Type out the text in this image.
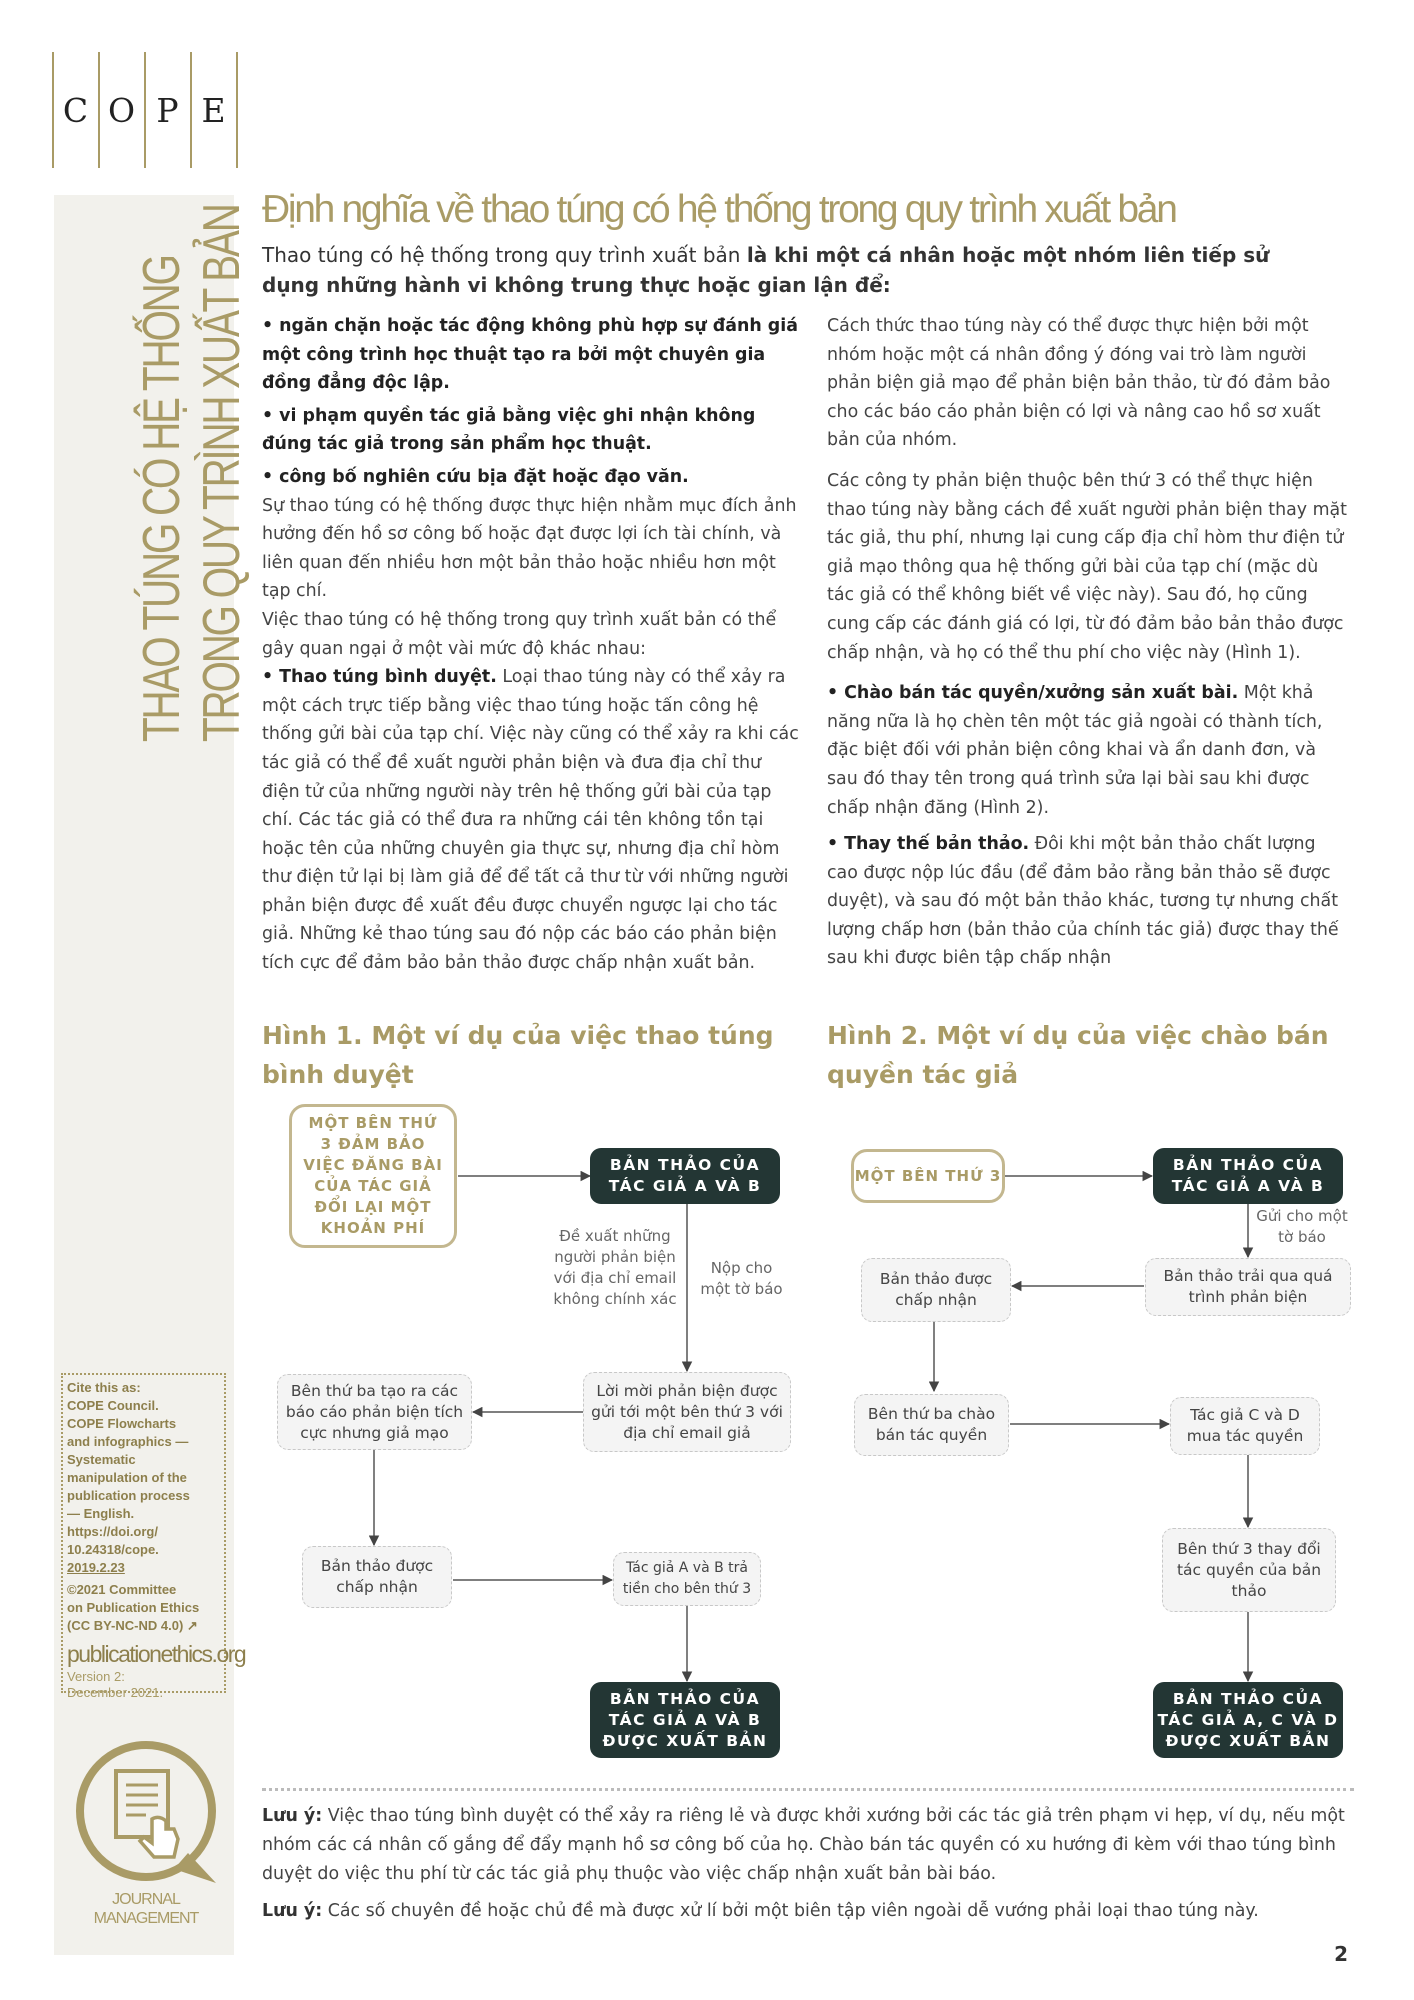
C O P E
THAO TÚNG CÓ HỆ THỐNG TRONG QUY TRÌNH XUẤT BẢN
Cite this as:
COPE Council.
COPE Flowcharts
and infographics —
Systematic
manipulation of the
publication process
— English.
https://doi.org/
10.24318/cope.
2019.2.23
©2021 Committee
on Publication Ethics
(CC BY-NC-ND 4.0) ↗
publicationethics.org
Version 2:
December 2021.
JOURNAL
MANAGEMENT
Định nghĩa về thao túng có hệ thống trong quy trình xuất bản
Thao túng có hệ thống trong quy trình xuất bản là khi một cá nhân hoặc một nhóm liên tiếp sử dụng những hành vi không trung thực hoặc gian lận để:

• ngăn chặn hoặc tác động không phù hợp sự đánh giá một công trình học thuật tạo ra bởi một chuyên gia đồng đẳng độc lập.

• vi phạm quyền tác giả bằng việc ghi nhận không đúng tác giả trong sản phẩm học thuật.

• công bố nghiên cứu bịa đặt hoặc đạo văn.

Sự thao túng có hệ thống được thực hiện nhằm mục đích ảnh hưởng đến hồ sơ công bố hoặc đạt được lợi ích tài chính, và liên quan đến nhiều hơn một bản thảo hoặc nhiều hơn một tạp chí.

Việc thao túng có hệ thống trong quy trình xuất bản có thể gây quan ngại ở một vài mức độ khác nhau:

• Thao túng bình duyệt. Loại thao túng này có thể xảy ra một cách trực tiếp bằng việc thao túng hoặc tấn công hệ thống gửi bài của tạp chí. Việc này cũng có thể xảy ra khi các tác giả có thể đề xuất người phản biện và đưa địa chỉ thư điện tử của những người này trên hệ thống gửi bài của tạp chí. Các tác giả có thể đưa ra những cái tên không tồn tại hoặc tên của những chuyên gia thực sự, nhưng địa chỉ hòm thư điện tử lại bị làm giả để để tất cả thư từ với những người phản biện được đề xuất đều được chuyển ngược lại cho tác giả. Những kẻ thao túng sau đó nộp các báo cáo phản biện tích cực để đảm bảo bản thảo được chấp nhận xuất bản.

Cách thức thao túng này có thể được thực hiện bởi một nhóm hoặc một cá nhân đồng ý đóng vai trò làm người phản biện giả mạo để phản biện bản thảo, từ đó đảm bảo cho các báo cáo phản biện có lợi và nâng cao hồ sơ xuất bản của nhóm.

Các công ty phản biện thuộc bên thứ 3 có thể thực hiện thao túng này bằng cách đề xuất người phản biện thay mặt tác giả, thu phí, nhưng lại cung cấp địa chỉ hòm thư điện tử giả mạo thông qua hệ thống gửi bài của tạp chí (mặc dù tác giả có thể không biết về việc này). Sau đó, họ cũng cung cấp các đánh giá có lợi, từ đó đảm bảo bản thảo được chấp nhận, và họ có thể thu phí cho việc này (Hình 1).

• Chào bán tác quyền/xưởng sản xuất bài. Một khả năng nữa là họ chèn tên một tác giả ngoài có thành tích, đặc biệt đối với phản biện công khai và ẩn danh đơn, và sau đó thay tên trong quá trình sửa lại bài sau khi được chấp nhận đăng (Hình 2).

• Thay thế bản thảo. Đôi khi một bản thảo chất lượng cao được nộp lúc đầu (để đảm bảo rằng bản thảo sẽ được duyệt), và sau đó một bản thảo khác, tương tự nhưng chất lượng chấp hơn (bản thảo của chính tác giả) được thay thế sau khi được biên tập chấp nhận

Hình 1. Một ví dụ của việc thao túng bình duyệt
Hình 2. Một ví dụ của việc chào bán quyền tác giả
MỘT BÊN THỨ 3 ĐẢM BẢO VIỆC ĐĂNG BÀI CỦA TÁC GIẢ ĐỔI LẠI MỘT KHOẢN PHÍ
BẢN THẢO CỦA TÁC GIẢ A VÀ B
Đề xuất những người phản biện với địa chỉ email không chính xác
Nộp cho một tờ báo
Lời mời phản biện được gửi tới một bên thứ 3 với địa chỉ email giả
Bên thứ ba tạo ra các báo cáo phản biện tích cực nhưng giả mạo
Bản thảo được chấp nhận
Tác giả A và B trả tiền cho bên thứ 3
BẢN THẢO CỦA TÁC GIẢ A VÀ B ĐƯỢC XUẤT BẢN
MỘT BÊN THỨ 3
BẢN THẢO CỦA TÁC GIẢ A VÀ B
Gửi cho một tờ báo
Bản thảo trải qua quá trình phản biện
Bản thảo được chấp nhận
Bên thứ ba chào bán tác quyền
Tác giả C và D mua tác quyền
Bên thứ 3 thay đổi tác quyền của bản thảo
BẢN THẢO CỦA TÁC GIẢ A, C VÀ D ĐƯỢC XUẤT BẢN

Lưu ý: Việc thao túng bình duyệt có thể xảy ra riêng lẻ và được khởi xướng bởi các tác giả trên phạm vi hẹp, ví dụ, nếu một nhóm các cá nhân cố gắng để đẩy mạnh hồ sơ công bố của họ. Chào bán tác quyền có xu hướng đi kèm với thao túng bình duyệt do việc thu phí từ các tác giả phụ thuộc vào việc chấp nhận xuất bản bài báo.

Lưu ý: Các số chuyên đề hoặc chủ đề mà được xử lí bởi một biên tập viên ngoài dễ vướng phải loại thao túng này.

2
